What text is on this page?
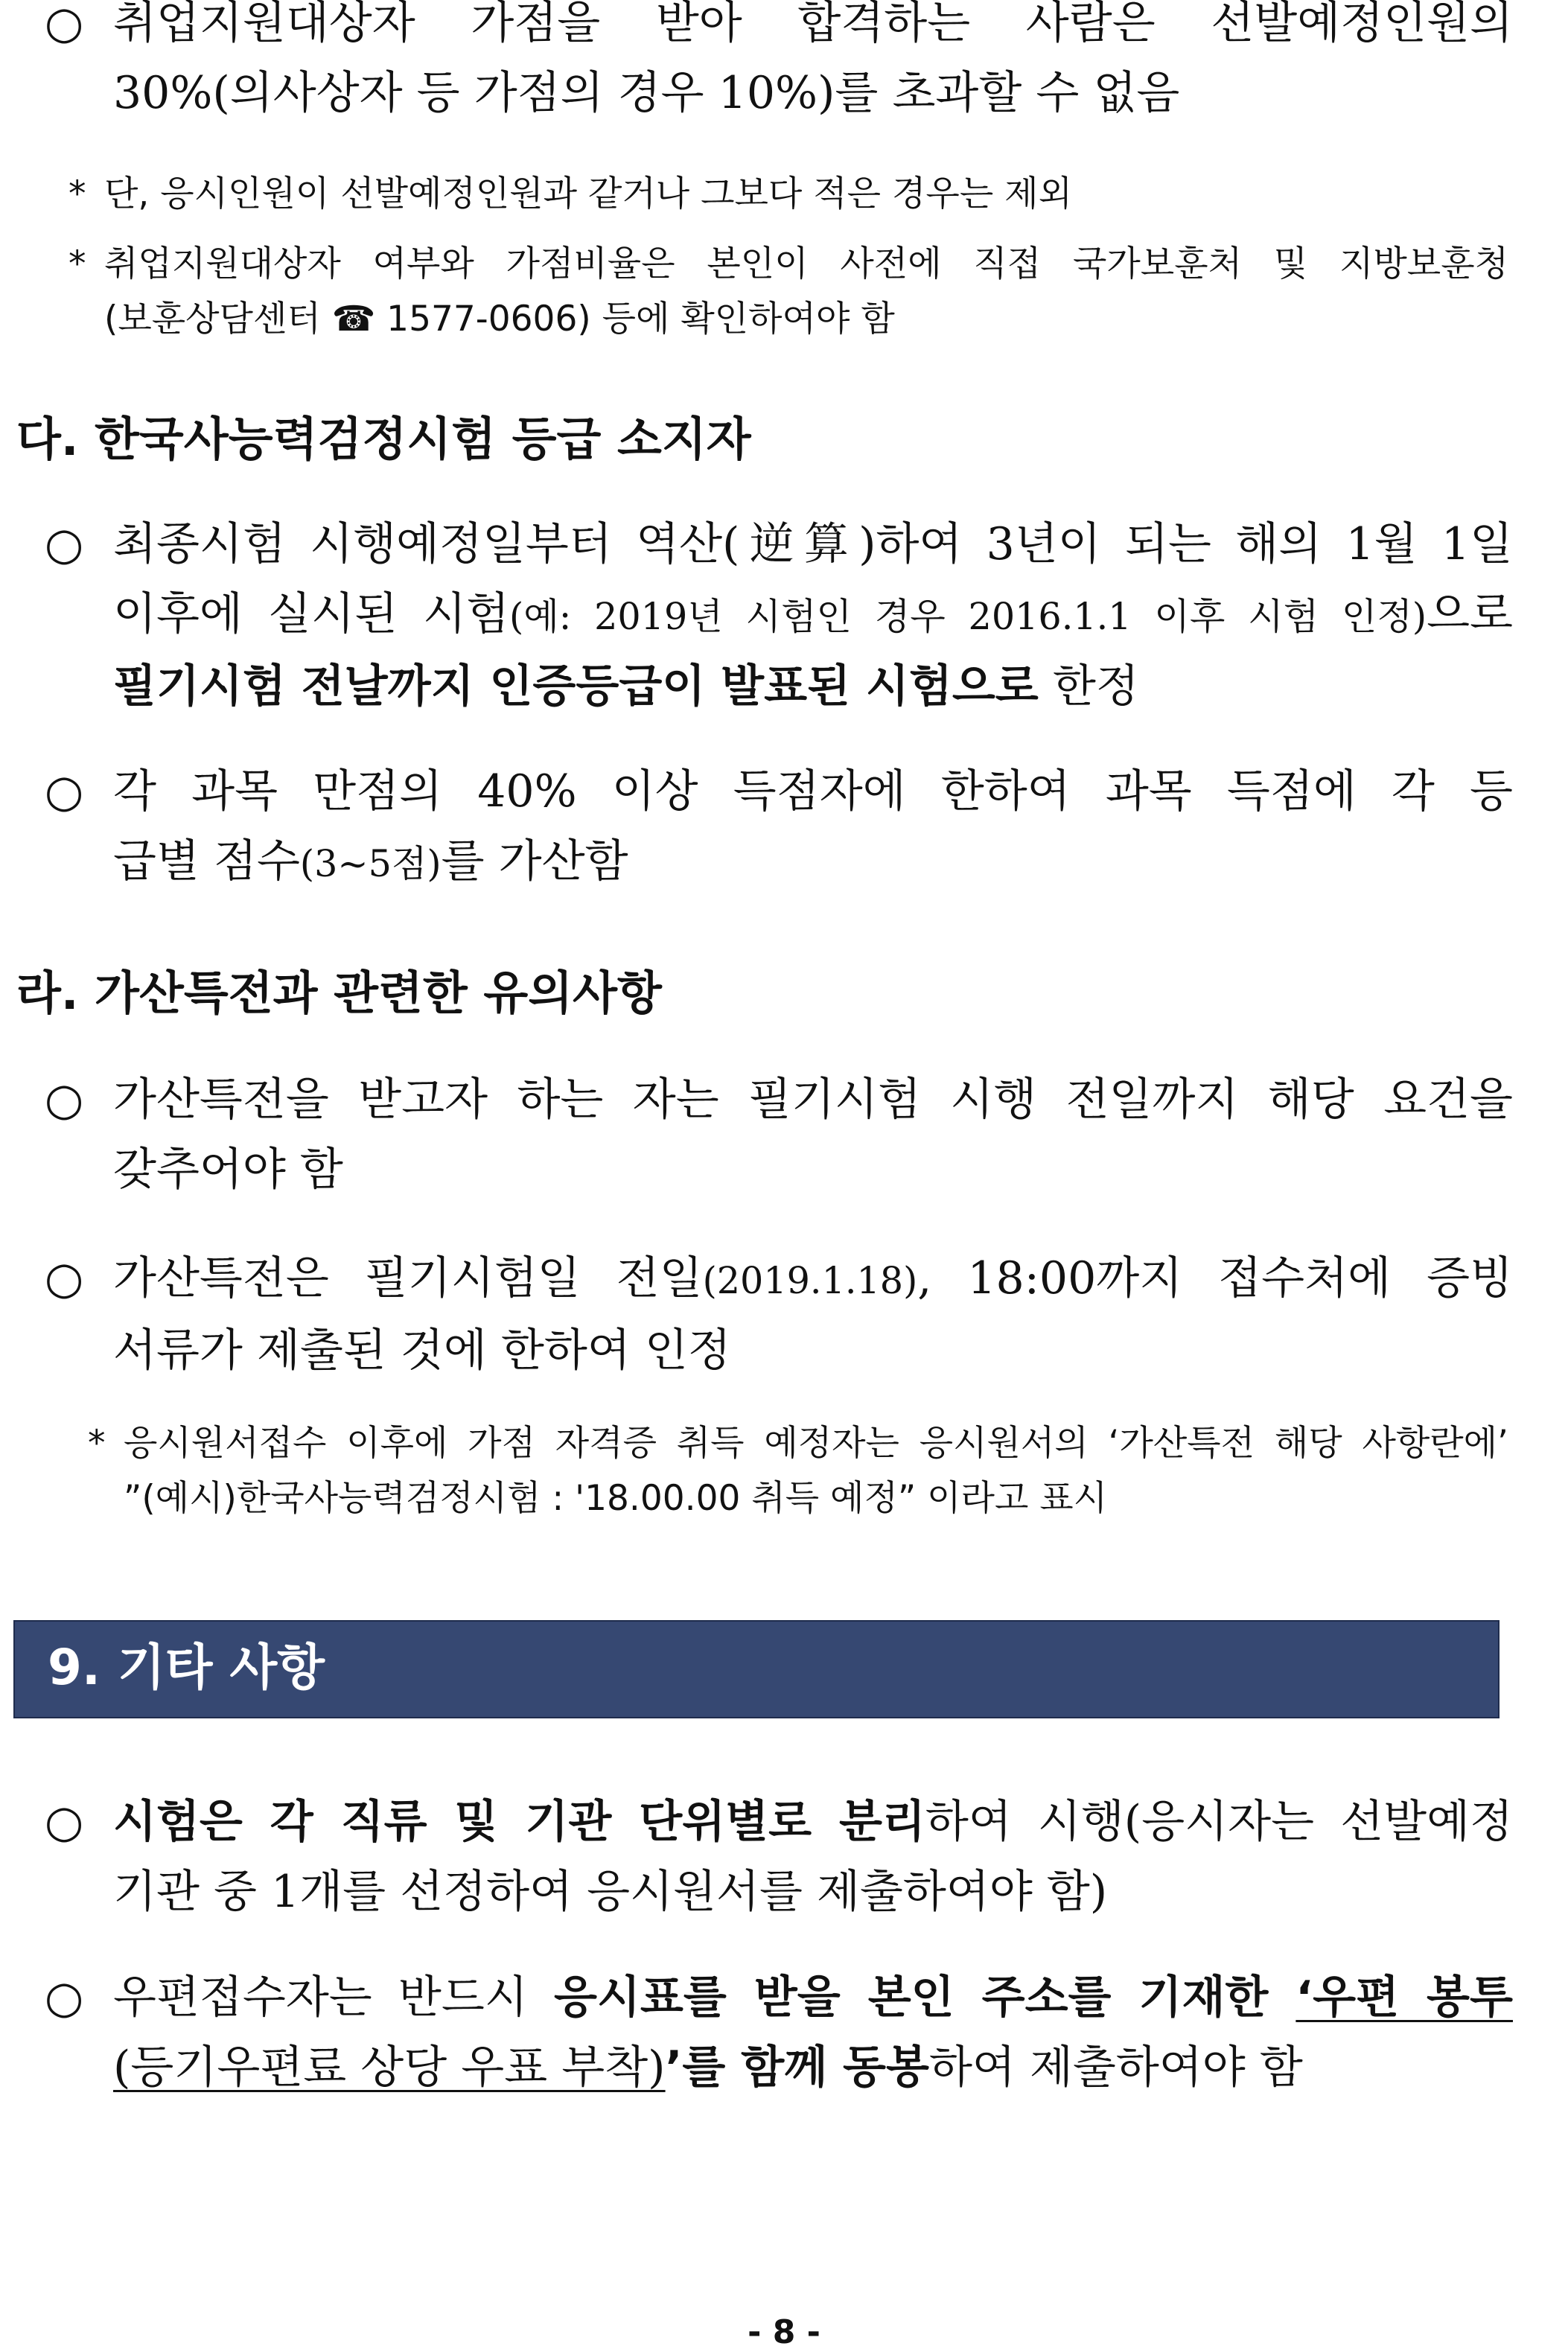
○ 취업지원대상자 가점을 받아 합격하는 사람은 선발예정인원의
30%(의사상자 등 가점의 경우 10%)를 초과할 수 없음
* 단, 응시인원이 선발예정인원과 같거나 그보다 적은 경우는 제외
* 취업지원대상자 여부와 가점비율은 본인이 사전에 직접 국가보훈처 및 지방보훈청
(보훈상담센터 ☎ 1577-0606) 등에 확인하여야 함
다. 한국사능력검정시험 등급 소지자
○ 최종시험 시행예정일부터 역산(逆算)하여 3년이 되는 해의 1월 1일
이후에 실시된 시험(예: 2019년 시험인 경우 2016.1.1 이후 시험 인정)으로
필기시험 전날까지 인증등급이 발표된 시험으로 한정
○ 각 과목 만점의 40% 이상 득점자에 한하여 과목 득점에 각 등
급별 점수(3∼5점)를 가산함
라. 가산특전과 관련한 유의사항
○ 가산특전을 받고자 하는 자는 필기시험 시행 전일까지 해당 요건을
갖추어야 함
○ 가산특전은 필기시험일 전일(2019.1.18), 18:00까지 접수처에 증빙
서류가 제출된 것에 한하여 인정
* 응시원서접수 이후에 가점 자격증 취득 예정자는 응시원서의 ‘가산특전 해당 사항란에’
”(예시)한국사능력검정시험 : '18.00.00 취득 예정” 이라고 표시
9. 기타 사항
○ 시험은 각 직류 및 기관 단위별로 분리하여 시행(응시자는 선발예정
기관 중 1개를 선정하여 응시원서를 제출하여야 함)
○ 우편접수자는 반드시 응시표를 받을 본인 주소를 기재한 ‘우편 봉투
(등기우편료 상당 우표 부착)’를 함께 동봉하여 제출하여야 함
- 8 -
